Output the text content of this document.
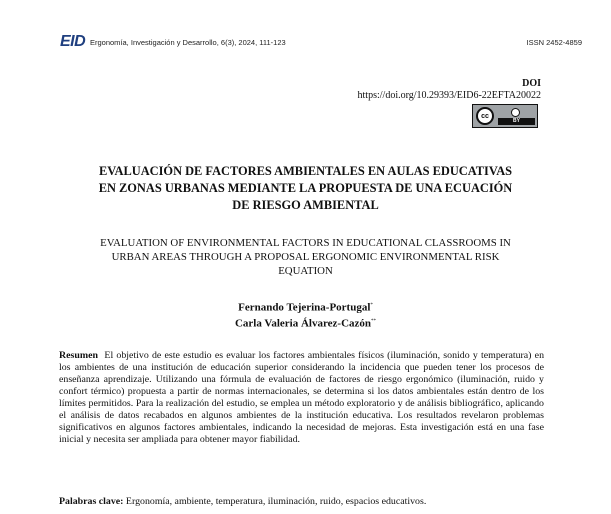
EID Ergonomía, Investigación y Desarrollo, 6(3), 2024, 111-123	ISSN 2452-4859
DOI
https://doi.org/10.29393/EID6-22EFTA20022
cc
BY
EVALUACIÓN DE FACTORES AMBIENTALES EN AULAS EDUCATIVAS
EN ZONAS URBANAS MEDIANTE LA PROPUESTA DE UNA ECUACIÓN
DE RIESGO AMBIENTAL
EVALUATION OF ENVIRONMENTAL FACTORS IN EDUCATIONAL CLASSROOMS IN
URBAN AREAS THROUGH A PROPOSAL ERGONOMIC ENVIRONMENTAL RISK
EQUATION
Fernando Tejerina-Portugal*
Carla Valeria Álvarez-Cazón**
Resumen El objetivo de este estudio es evaluar los factores ambientales físicos (iluminación, sonido y temperatura) en los ambientes de una institución de educación superior considerando la incidencia que pueden tener los procesos de enseñanza aprendizaje. Utilizando una fórmula de evaluación de factores de riesgo ergonómico (iluminación, ruido y confort térmico) propuesta a partir de normas internacionales, se determina si los datos ambientales están dentro de los límites permitidos. Para la realización del estudio, se emplea un método exploratorio y de análisis bibliográfico, aplicando el análisis de datos recabados en algunos ambientes de la institución educativa. Los resultados revelaron problemas significativos en algunos factores ambientales, indicando la necesidad de mejoras. Esta investigación está en una fase inicial y necesita ser ampliada para obtener mayor fiabilidad.
Palabras clave: Ergonomía, ambiente, temperatura, iluminación, ruido, espacios educativos.
